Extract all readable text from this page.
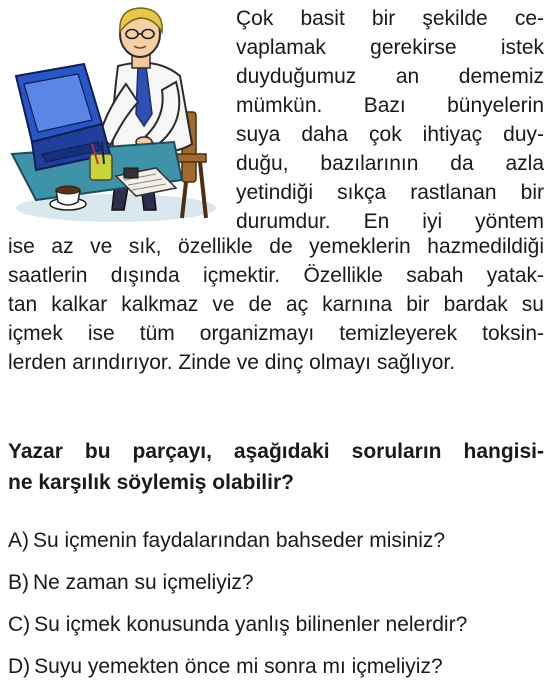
Çok basit bir şekilde ce-
vaplamak gerekirse istek
duyduğumuz an dememiz
mümkün. Bazı bünyelerin
suya daha çok ihtiyaç duy-
duğu, bazılarının da azla
yetindiği sıkça rastlanan bir
durumdur. En iyi yöntem
ise az ve sık, özellikle de yemeklerin hazmedildiği
saatlerin dışında içmektir. Özellikle sabah yatak-
tan kalkar kalkmaz ve de aç karnına bir bardak su
içmek ise tüm organizmayı temizleyerek toksin-
lerden arındırıyor. Zinde ve dinç olmayı sağlıyor.
Yazar bu parçayı, aşağıdaki soruların hangisi-
ne karşılık söylemiş olabilir?
A) Su içmenin faydalarından bahseder misiniz?
B) Ne zaman su içmeliyiz?
C) Su içmek konusunda yanlış bilinenler nelerdir?
D) Suyu yemekten önce mi sonra mı içmeliyiz?
